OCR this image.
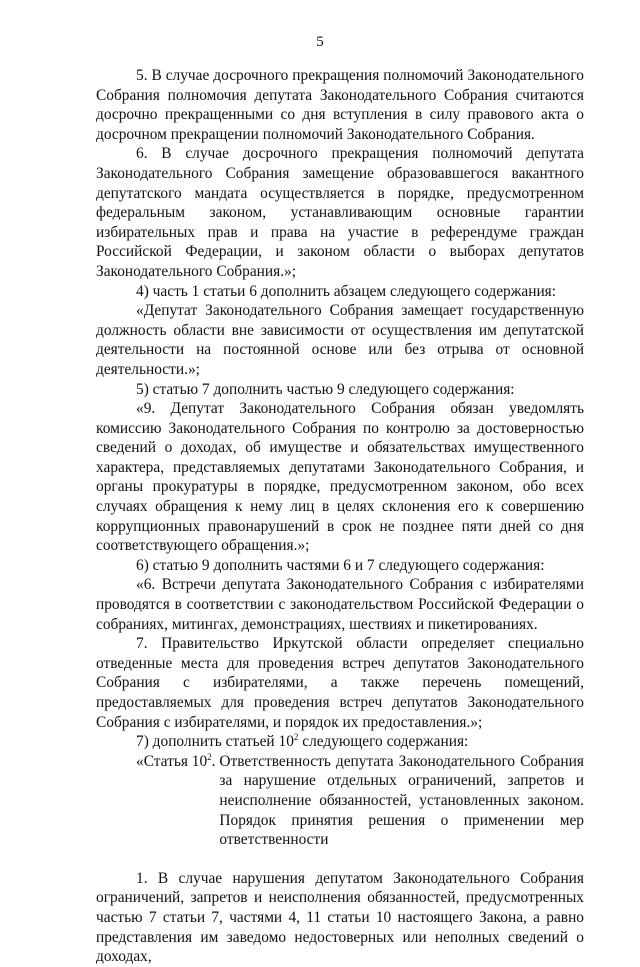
5

5. В случае досрочного прекращения полномочий Законодательного Собрания полномочия депутата Законодательного Собрания считаются досрочно прекращенными со дня вступления в силу правового акта о досрочном прекращении полномочий Законодательного Собрания.

6. В случае досрочного прекращения полномочий депутата Законодательного Собрания замещение образовавшегося вакантного депутатского мандата осуществляется в порядке, предусмотренном федеральным законом, устанавливающим основные гарантии избирательных прав и права на участие в референдуме граждан Российской Федерации, и законом области о выборах депутатов Законодательного Собрания.»;

4) часть 1 статьи 6 дополнить абзацем следующего содержания:

«Депутат Законодательного Собрания замещает государственную должность области вне зависимости от осуществления им депутатской деятельности на постоянной основе или без отрыва от основной деятельности.»;

5) статью 7 дополнить частью 9 следующего содержания:

«9. Депутат Законодательного Собрания обязан уведомлять комиссию Законодательного Собрания по контролю за достоверностью сведений о доходах, об имуществе и обязательствах имущественного характера, представляемых депутатами Законодательного Собрания, и органы прокуратуры в порядке, предусмотренном законом, обо всех случаях обращения к нему лиц в целях склонения его к совершению коррупционных правонарушений в срок не позднее пяти дней со дня соответствующего обращения.»;

6) статью 9 дополнить частями 6 и 7 следующего содержания:

«6. Встречи депутата Законодательного Собрания с избирателями проводятся в соответствии с законодательством Российской Федерации о собраниях, митингах, демонстрациях, шествиях и пикетированиях.

7. Правительство Иркутской области определяет специально отведенные места для проведения встреч депутатов Законодательного Собрания с избирателями, а также перечень помещений, предоставляемых для проведения встреч депутатов Законодательного Собрания с избирателями, и порядок их предоставления.»;

7) дополнить статьей $10^2$ следующего содержания:

«Статья $10^2$. Ответственность депутата Законодательного Собрания за нарушение отдельных ограничений, запретов и неисполнение обязанностей, установленных законом. Порядок принятия решения о применении мер ответственности

1. В случае нарушения депутатом Законодательного Собрания ограничений, запретов и неисполнения обязанностей, предусмотренных частью 7 статьи 7, частями 4, 11 статьи 10 настоящего Закона, а равно представления им заведомо недостоверных или неполных сведений о доходах,
